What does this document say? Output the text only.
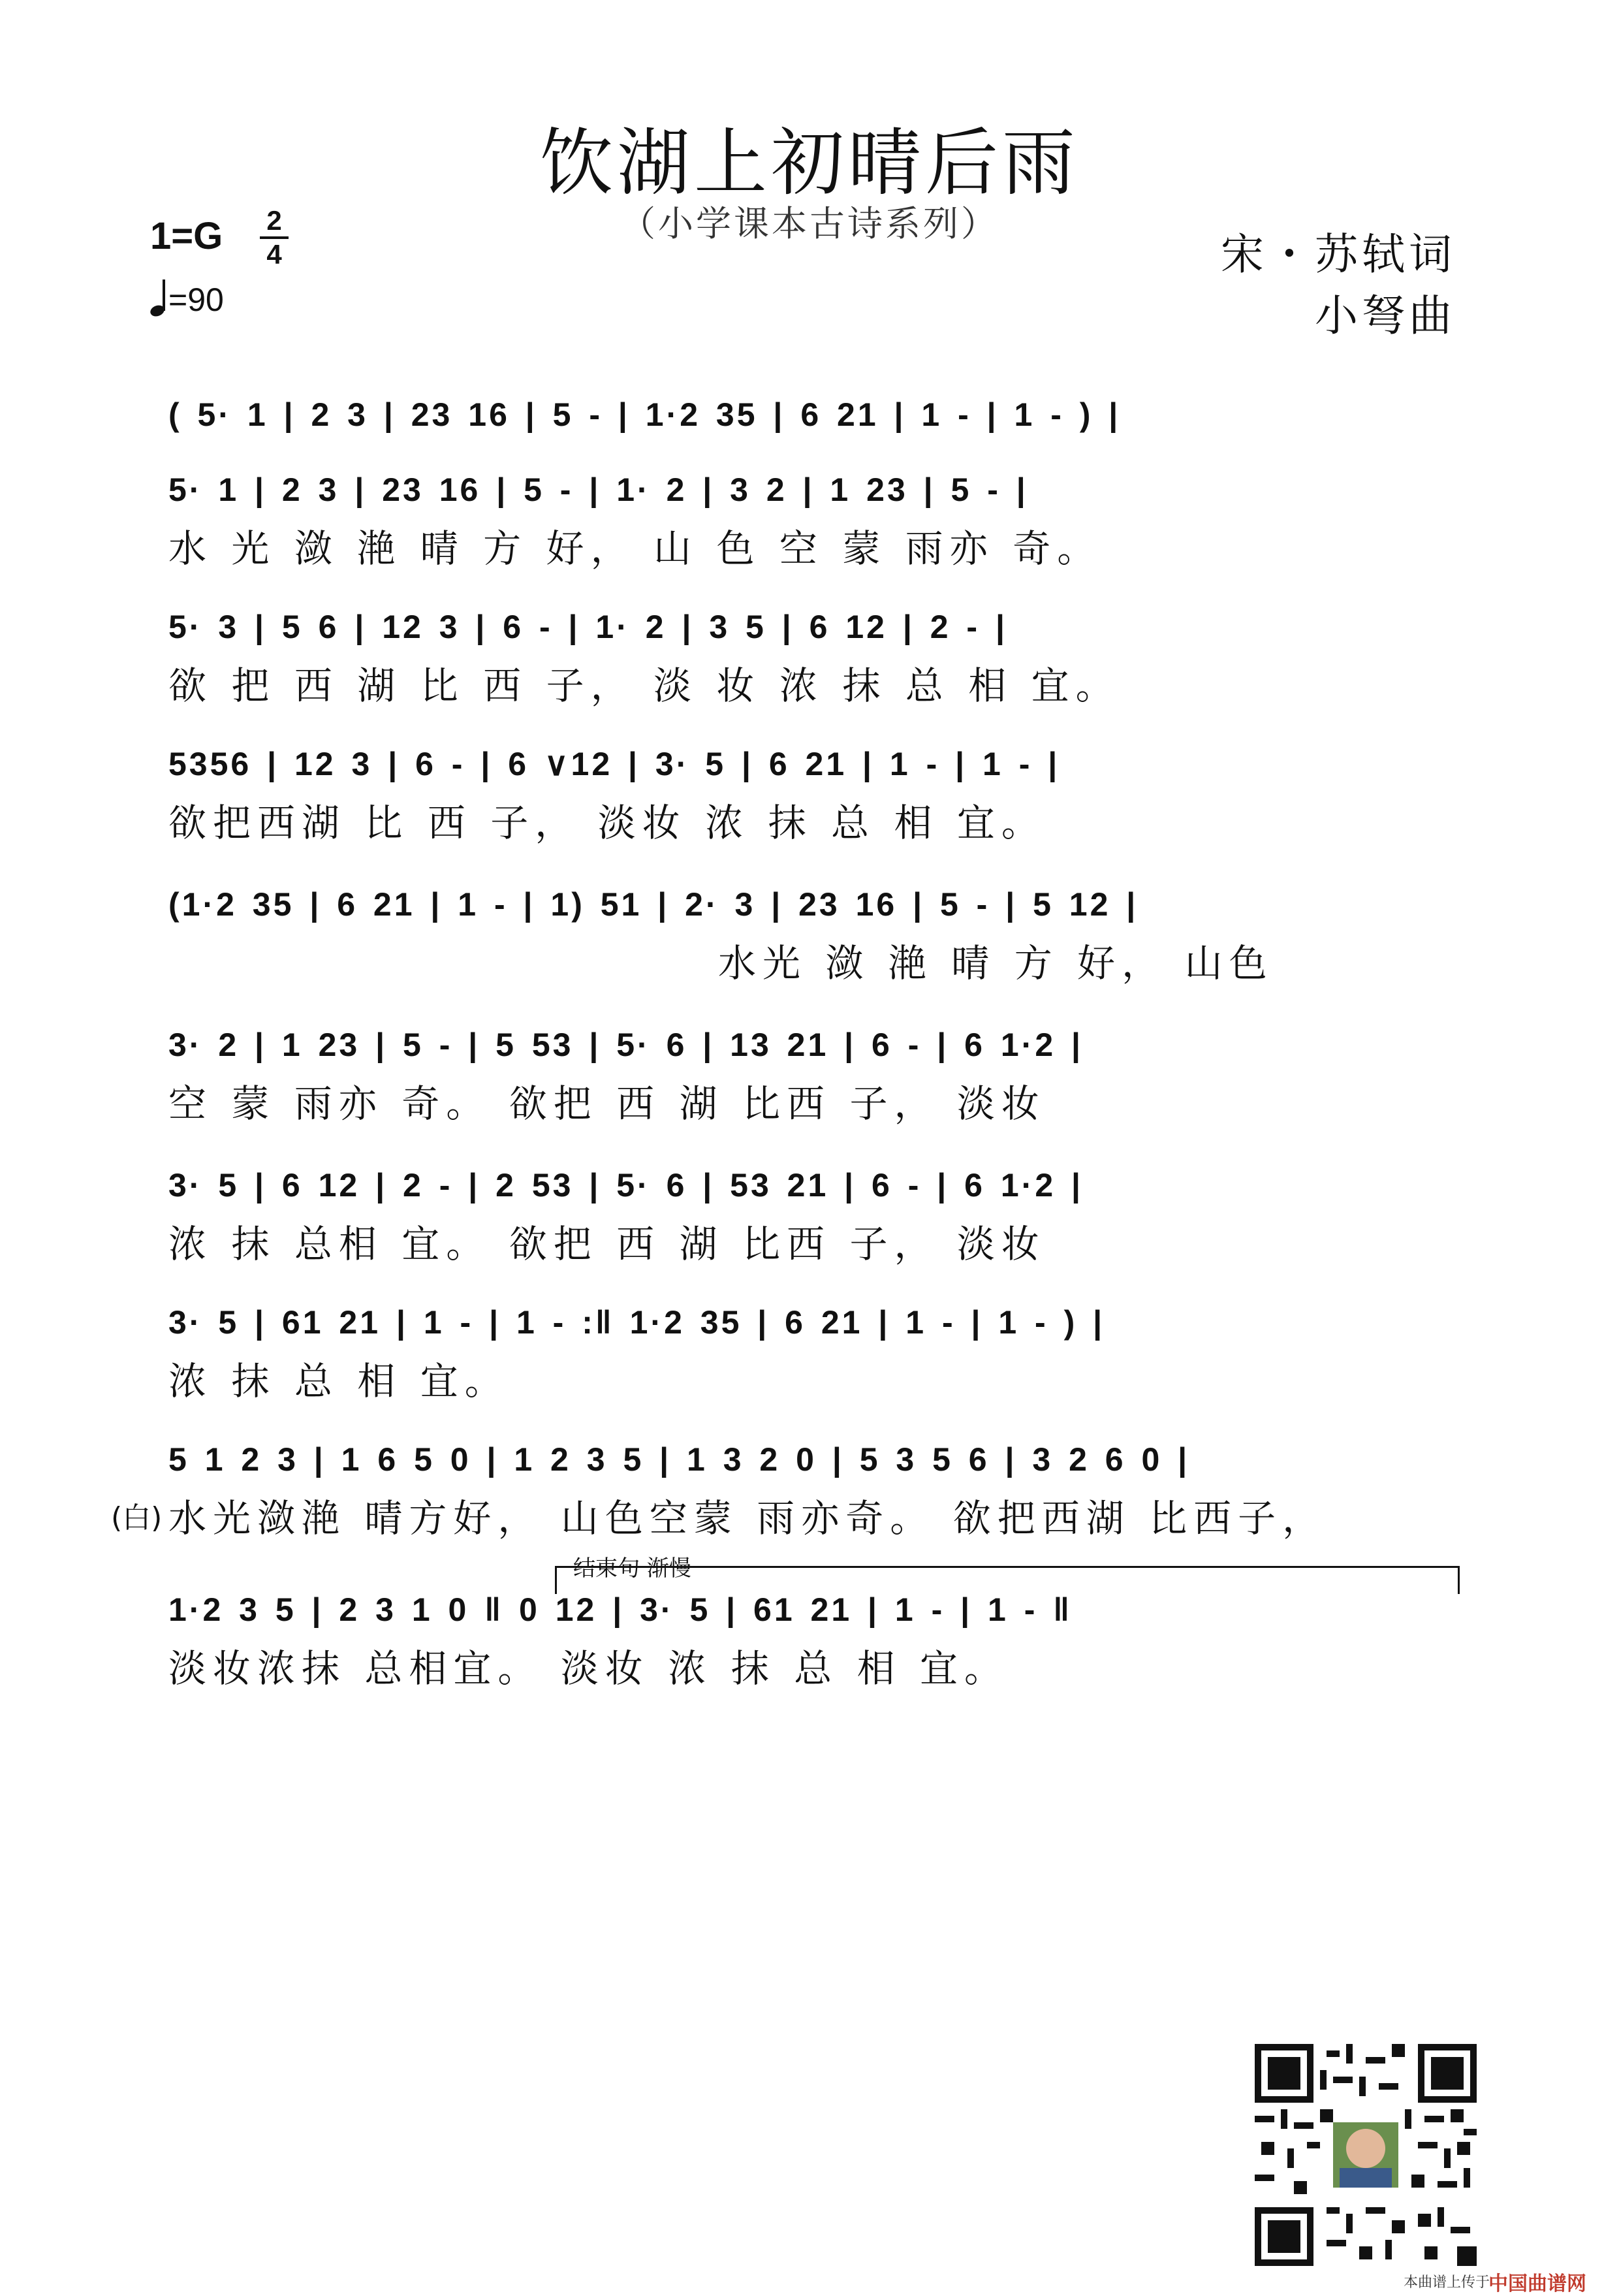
饮湖上初晴后雨
（小学课本古诗系列）
1=G 2
4
=90
宋・苏轼词
小弩曲
( 5· 1 | 2 3 | 23 16 | 5 - | 1·2 35 | 6 21 | 1 - | 1 - ) |
5· 1 | 2 3 | 23 16 | 5 - | 1· 2 | 3 2 | 1 23 | 5 - |
水 光 潋 滟 晴 方 好， 山 色 空 蒙 雨亦 奇。
5· 3 | 5 6 | 12 3 | 6 - | 1· 2 | 3 5 | 6 12 | 2 - |
欲 把 西 湖 比 西 子， 淡 妆 浓 抹 总 相 宜。
5356 | 12 3 | 6 - | 6 ∨12 | 3· 5 | 6 21 | 1 - | 1 - |
欲把西湖 比 西 子， 淡妆 浓 抹 总 相 宜。
(1·2 35 | 6 21 | 1 - | 1) 51 | 2· 3 | 23 16 | 5 - | 5 12 |
水光 潋 滟 晴 方 好， 山色
3· 2 | 1 23 | 5 - | 5 53 | 5· 6 | 13 21 | 6 - | 6 1·2 |
空 蒙 雨亦 奇。 欲把 西 湖 比西 子， 淡妆
3· 5 | 6 12 | 2 - | 2 53 | 5· 6 | 53 21 | 6 - | 6 1·2 |
浓 抹 总相 宜。 欲把 西 湖 比西 子， 淡妆
3· 5 | 61 21 | 1 - | 1 - :‖ 1·2 35 | 6 21 | 1 - | 1 - ) |
浓 抹 总 相 宜。
5 1 2 3 | 1 6 5 0 | 1 2 3 5 | 1 3 2 0 | 5 3 5 6 | 3 2 6 0 |
(白) 水光潋滟 晴方好， 山色空蒙 雨亦奇。 欲把西湖 比西子，
结束句 渐慢
1·2 3 5 | 2 3 1 0 ‖ 0 12 | 3· 5 | 61 21 | 1 - | 1 - ‖
淡妆浓抹 总相宜。 淡妆 浓 抹 总 相 宜。
本曲谱上传于
中国曲谱网
